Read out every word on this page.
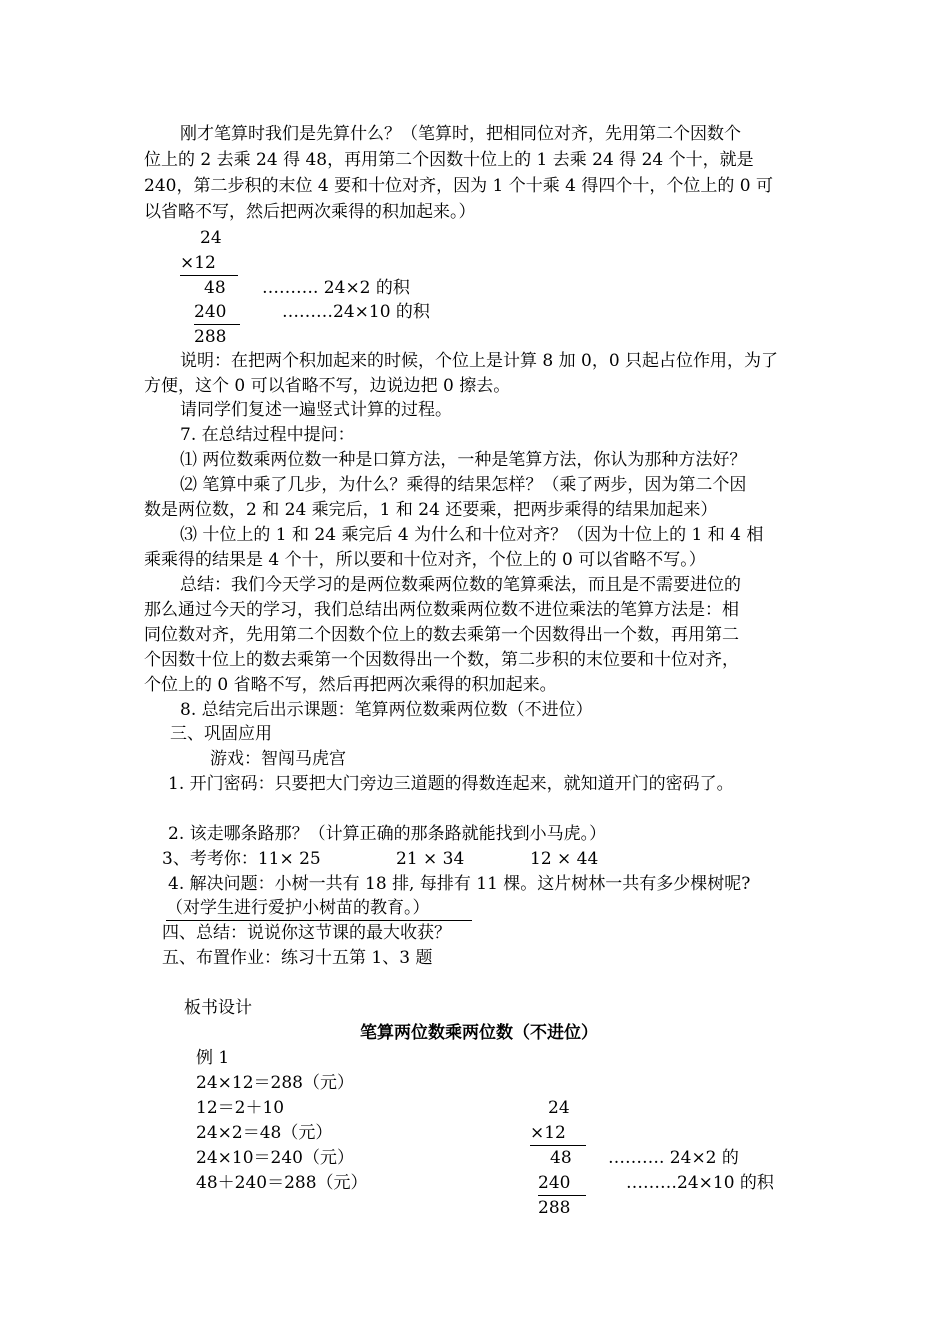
刚才笔算时我们是先算什么？（笔算时，把相同位对齐，先用第二个因数个
位上的 2 去乘 24 得 48，再用第二个因数十位上的 1 去乘 24 得 24 个十，就是
240，第二步积的末位 4 要和十位对齐，因为 1 个十乘 4 得四个十，个位上的 0 可
以省略不写，然后把两次乘得的积加起来。）
24
×12
48 ………. 24×2 的积
240	………24×10 的积
288
说明：在把两个积加起来的时候，个位上是计算 8 加 0，0 只起占位作用，为了
方便，这个 0 可以省略不写，边说边把 0 擦去。
请同学们复述一遍竖式计算的过程。
7. 在总结过程中提问：
⑴ 两位数乘两位数一种是口算方法，一种是笔算方法，你认为那种方法好？
⑵ 笔算中乘了几步，为什么？乘得的结果怎样？（乘了两步，因为第二个因
数是两位数，2 和 24 乘完后，1 和 24 还要乘，把两步乘得的结果加起来）
⑶ 十位上的 1 和 24 乘完后 4 为什么和十位对齐？（因为十位上的 1 和 4 相
乘乘得的结果是 4 个十，所以要和十位对齐，个位上的 0 可以省略不写。）
总结：我们今天学习的是两位数乘两位数的笔算乘法，而且是不需要进位的
那么通过今天的学习，我们总结出两位数乘两位数不进位乘法的笔算方法是：相
同位数对齐，先用第二个因数个位上的数去乘第一个因数得出一个数，再用第二
个因数十位上的数去乘第一个因数得出一个数，第二步积的末位要和十位对齐，
个位上的 0 省略不写，然后再把两次乘得的积加起来。
8. 总结完后出示课题：笔算两位数乘两位数（不进位）
三、巩固应用
游戏：智闯马虎宫
1. 开门密码：只要把大门旁边三道题的得数连起来，就知道开门的密码了。
2. 该走哪条路那？（计算正确的那条路就能找到小马虎。）
3、考考你：11× 25	21 × 34	12 × 44
4. 解决问题：小树一共有 18 排, 每排有 11 棵。这片树林一共有多少棵树呢?
（对学生进行爱护小树苗的教育。）
四、总结：说说你这节课的最大收获？
五、布置作业：练习十五第 1、3 题
板书设计
笔算两位数乘两位数（不进位）
例 1
24×12＝288（元）
12＝2＋10
24×2＝48（元）
24×10＝240（元）
48＋240＝288（元）
24
×12
48 ………. 24×2 的
240	………24×10 的积
288
